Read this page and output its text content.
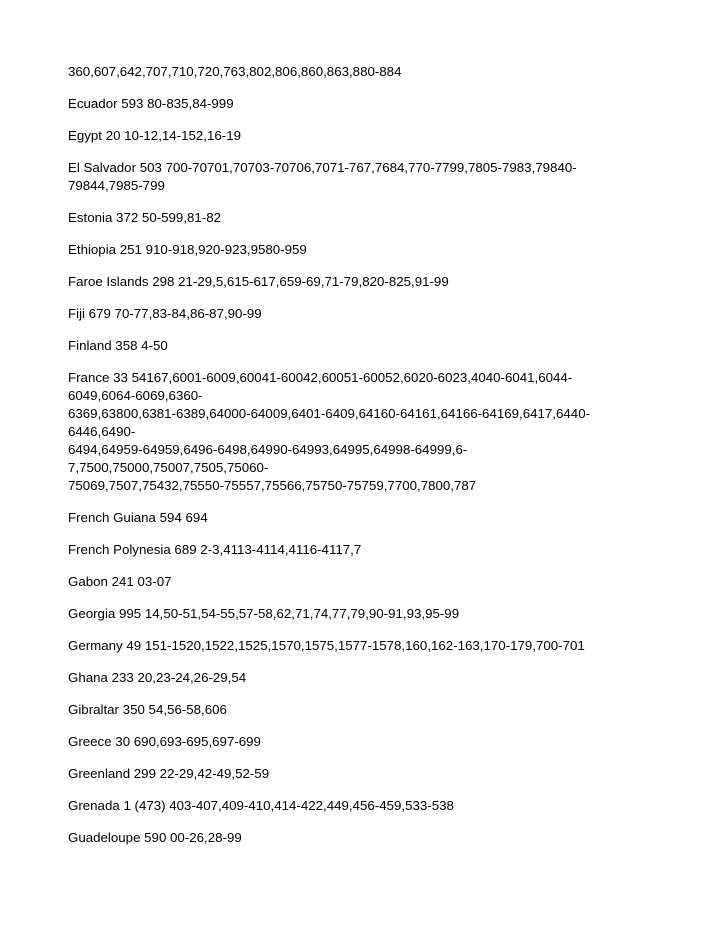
360,607,642,707,710,720,763,802,806,860,863,880-884
Ecuador 593 80-835,84-999
Egypt 20 10-12,14-152,16-19
El Salvador 503 700-70701,70703-70706,7071-767,7684,770-7799,7805-7983,79840-
79844,7985-799
Estonia 372 50-599,81-82
Ethiopia 251 910-918,920-923,9580-959
Faroe Islands 298 21-29,5,615-617,659-69,71-79,820-825,91-99
Fiji 679 70-77,83-84,86-87,90-99
Finland 358 4-50
France 33 54167,6001-6009,60041-60042,60051-60052,6020-6023,4040-6041,6044-
6049,6064-6069,6360-
6369,63800,6381-6389,64000-64009,6401-6409,64160-64161,64166-64169,6417,6440-
6446,6490-
6494,64959-64959,6496-6498,64990-64993,64995,64998-64999,6-
7,7500,75000,75007,7505,75060-
75069,7507,75432,75550-75557,75566,75750-75759,7700,7800,787
French Guiana 594 694
French Polynesia 689 2-3,4113-4114,4116-4117,7
Gabon 241 03-07
Georgia 995 14,50-51,54-55,57-58,62,71,74,77,79,90-91,93,95-99
Germany 49 151-1520,1522,1525,1570,1575,1577-1578,160,162-163,170-179,700-701
Ghana 233 20,23-24,26-29,54
Gibraltar 350 54,56-58,606
Greece 30 690,693-695,697-699
Greenland 299 22-29,42-49,52-59
Grenada 1 (473) 403-407,409-410,414-422,449,456-459,533-538
Guadeloupe 590 00-26,28-99
